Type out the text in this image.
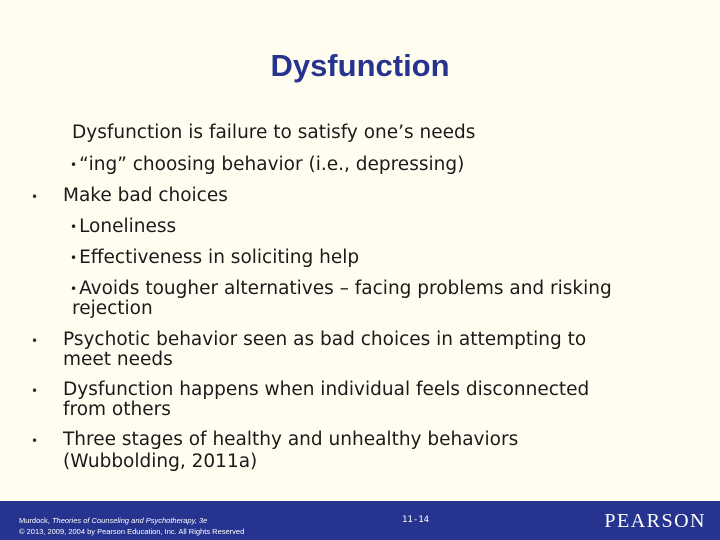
Dysfunction
Dysfunction is failure to satisfy one’s needs
• “ing” choosing behavior (i.e., depressing)
• Make bad choices
• Loneliness
• Effectiveness in soliciting help
• Avoids tougher alternatives – facing problems and risking
rejection
• Psychotic behavior seen as bad choices in attempting to
meet needs
• Dysfunction happens when individual feels disconnected
from others
• Three stages of healthy and unhealthy behaviors
(Wubbolding, 2011a)
Murdock, Theories of Counseling and Psychotherapy, 3e
© 2013, 2009, 2004 by Pearson Education, Inc. All Rights Reserved
11-14	PEARSON
